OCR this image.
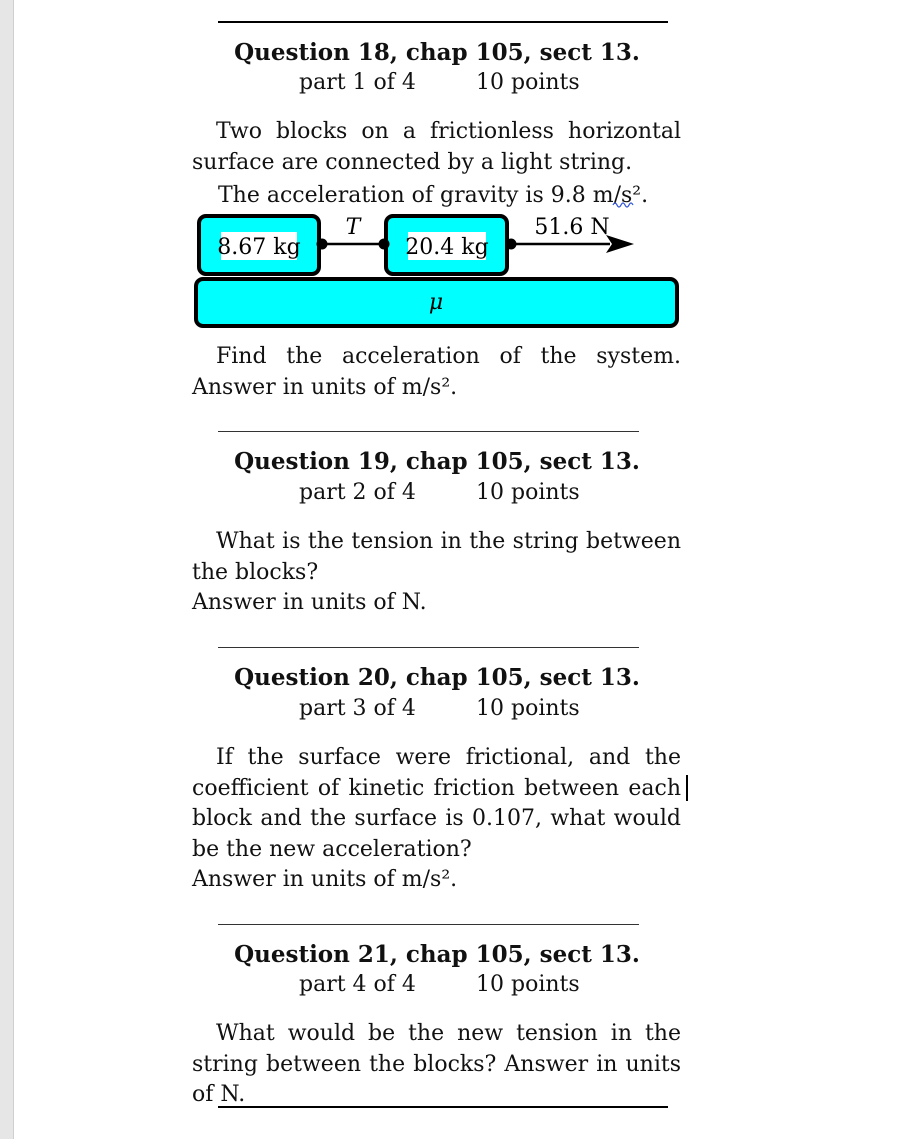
Question 18, chap 105, sect 13.
part 1 of 4	10 points
Two blocks on a frictionless horizontal surface are connected by a light string.
The acceleration of gravity is 9.8 m/s².
8.67 kg	20.4 kg
T	51.6 N
μ
Find the acceleration of the system. Answer in units of m/s².
Question 19, chap 105, sect 13.
part 2 of 4	10 points
What is the tension in the string between the blocks?
Answer in units of N.
Question 20, chap 105, sect 13.
part 3 of 4	10 points
If the surface were frictional, and the coefficient of kinetic friction between each block and the surface is 0.107, what would be the new acceleration?
Answer in units of m/s².
Question 21, chap 105, sect 13.
part 4 of 4	10 points
What would be the new tension in the string between the blocks? Answer in units of N.
